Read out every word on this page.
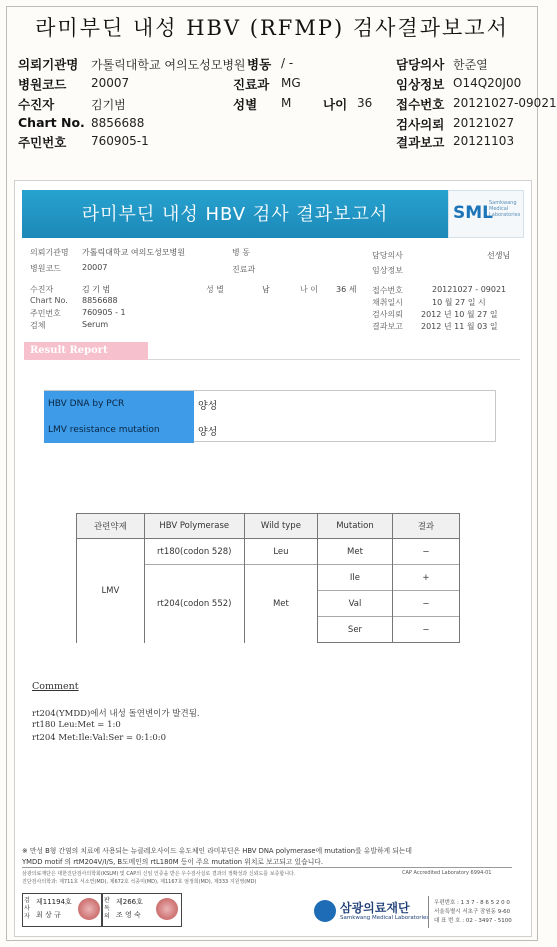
라미부딘 내성 HBV (RFMP) 검사결과보고서
의뢰기관명 가톨릭대학교 여의도성모병원 병동 / -	담당의사 한준열
병원코드 20007	진료과 MG	임상정보 O14Q20J00
수진자	김기범	성별 M	나이 36 접수번호 20121027-09021
Chart No. 8856688	검사의뢰 20121027
주민번호 760905-1	결과보고 20121103
라미부딘 내성 HBV 검사 결과보고서	SML
Samkwang Medical Laboratories
의뢰기관명 가톨릭대학교 여의도성모병원	병 동	담당의사	선생님
병원코드	20007	진료과	임상정보
수진자	김 기 범	성 별	남	나 이 36 세 접수번호	20121027 - 09021
Chart No. 8856688	채취일시	10 월 27 일 시
주민번호	760905 - 1	검사의뢰 2012 년 10 월 27 일
검체	Serum	결과보고 2012 년 11 월 03 일
Result Report
HBV DNA by PCR	양성
LMV resistance mutation	양성
관련약제	HBV Polymerase	Wild type	Mutation	결과
LMV	rt180(codon 528)	Leu	Met	−
	rt204(codon 552)	Met	Ile	+
			Val	−
			Ser	−
Comment
rt204(YMDD)에서 내성 돌연변이가 발견됨.
rt180 Leu:Met = 1:0
rt204 Met:Ile:Val:Ser = 0:1:0:0
※ 만성 B형 간염의 치료에 사용되는 뉴클레오사이드 유도체인 라미부딘은 HBV DNA polymerase에 mutation를 유발하게 되는데
YMDD motif 의 rtM204V/I/S, B도메인의 rtL180M 등이 주요 mutation 위치로 보고되고 있습니다.
삼광의료재단은 대한진단검사의학회(KSLM) 및 CAP의 신임 인증을 받은 우수검사실로 결과의 정확성과 신뢰도를 보증합니다.	CAP Accredited Laboratory 6994-01
진단검사의학과: 제711호 서소연(MD), 제672호 석종미(MD), 제1167호 엄정희(MD), 제333 지원영(MD)
검사자
제11194호
최 상 규
판독의
제266호
조 영 숙	삼광의료재단
Samkwang Medical Laboratories
우편번호 : 1 3 7 - 8 6 5 2 0 0
서울특별시 서초구 잠원동 9-60
대 표 번 호 : 02 - 3497 - 5100
